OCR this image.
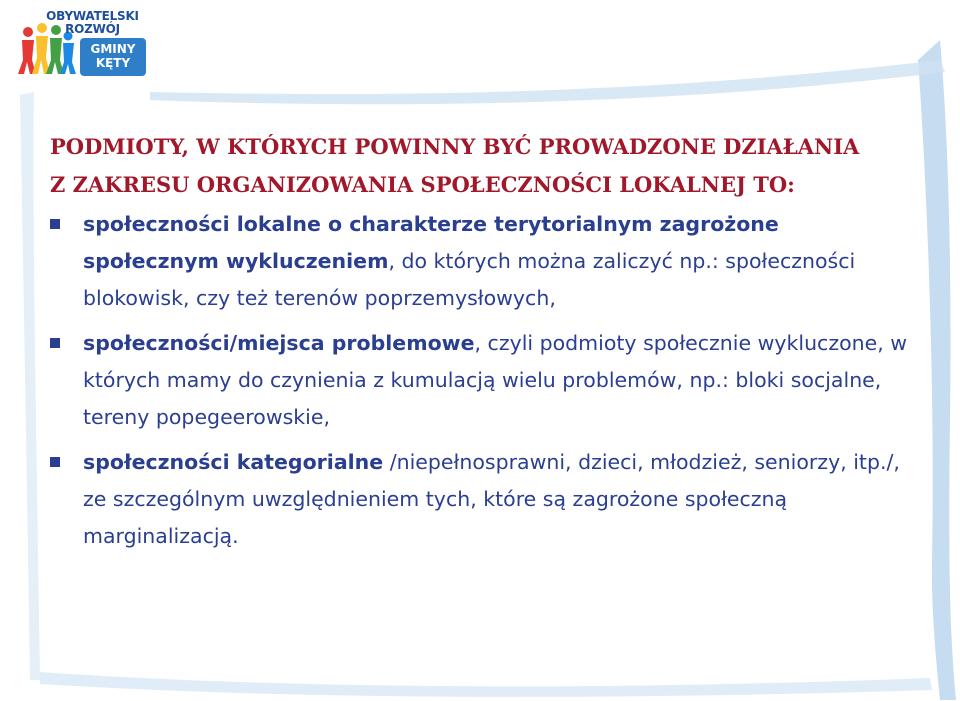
OBYWATELSKI
ROZWÓJ
GMINY
KĘTY
PODMIOTY, W KTÓRYCH POWINNY BYĆ PROWADZONE DZIAŁANIA
Z ZAKRESU ORGANIZOWANIA SPOŁECZNOŚCI LOKALNEJ TO:
społeczności lokalne o charakterze terytorialnym zagrożone społecznym wykluczeniem, do których można zaliczyć np.: społeczności blokowisk, czy też terenów poprzemysłowych,
społeczności/miejsca problemowe, czyli podmioty społecznie wykluczone, w których mamy do czynienia z kumulacją wielu problemów, np.: bloki socjalne, tereny popegeerowskie,
społeczności kategorialne /niepełnosprawni, dzieci, młodzież, seniorzy, itp./, ze szczególnym uwzględnieniem tych, które są zagrożone społeczną marginalizacją.
